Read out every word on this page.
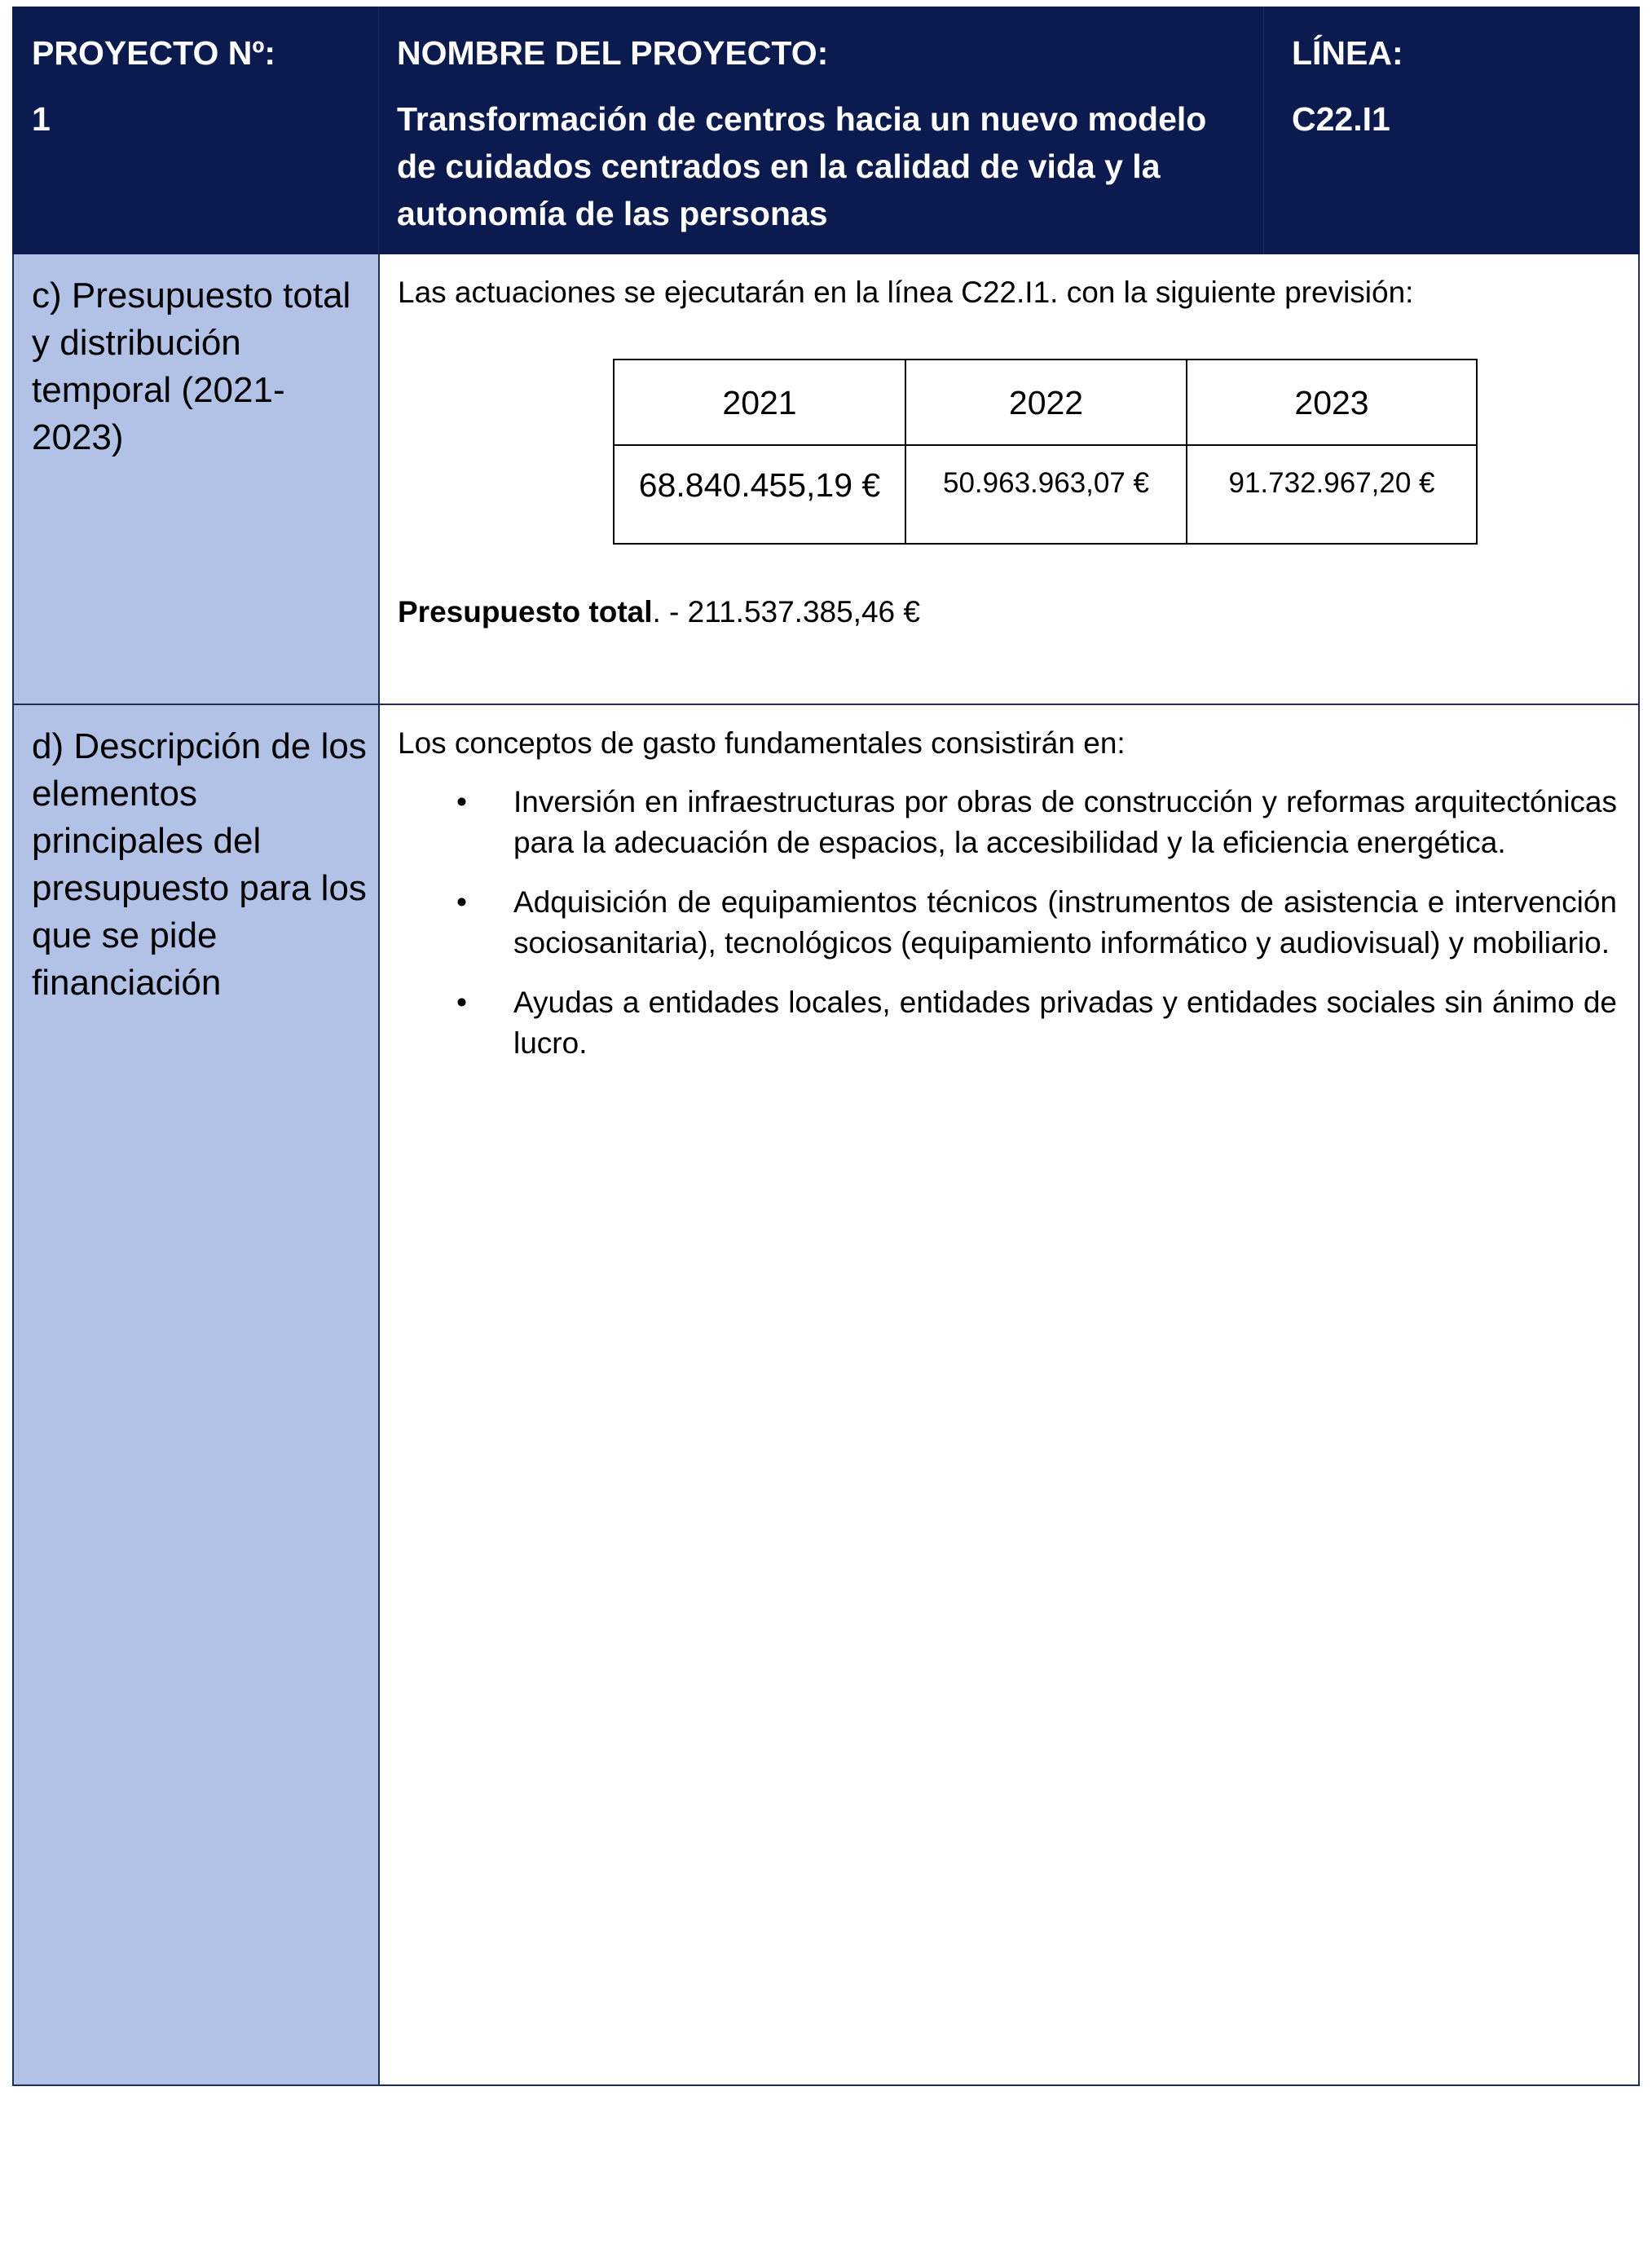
PROYECTO Nº:
1
NOMBRE DEL PROYECTO:
Transformación de centros hacia un nuevo modelo de cuidados centrados en la calidad de vida y la autonomía de las personas
LÍNEA:
C22.I1
c) Presupuesto total y distribución temporal (2021-2023)

Las actuaciones se ejecutarán en la línea C22.I1. con la siguiente previsión:

2021	2022	2023
68.840.455,19 €	50.963.963,07 €	91.732.967,20 €

Presupuesto total. - 211.537.385,46 €

d) Descripción de los elementos principales del presupuesto para los que se pide financiación

Los conceptos de gasto fundamentales consistirán en:

• Inversión en infraestructuras por obras de construcción y reformas arquitectónicas para la adecuación de espacios, la accesibilidad y la eficiencia energética.
• Adquisición de equipamientos técnicos (instrumentos de asistencia e intervención sociosanitaria), tecnológicos (equipamiento informático y audiovisual) y mobiliario.
• Ayudas a entidades locales, entidades privadas y entidades sociales sin ánimo de lucro.
